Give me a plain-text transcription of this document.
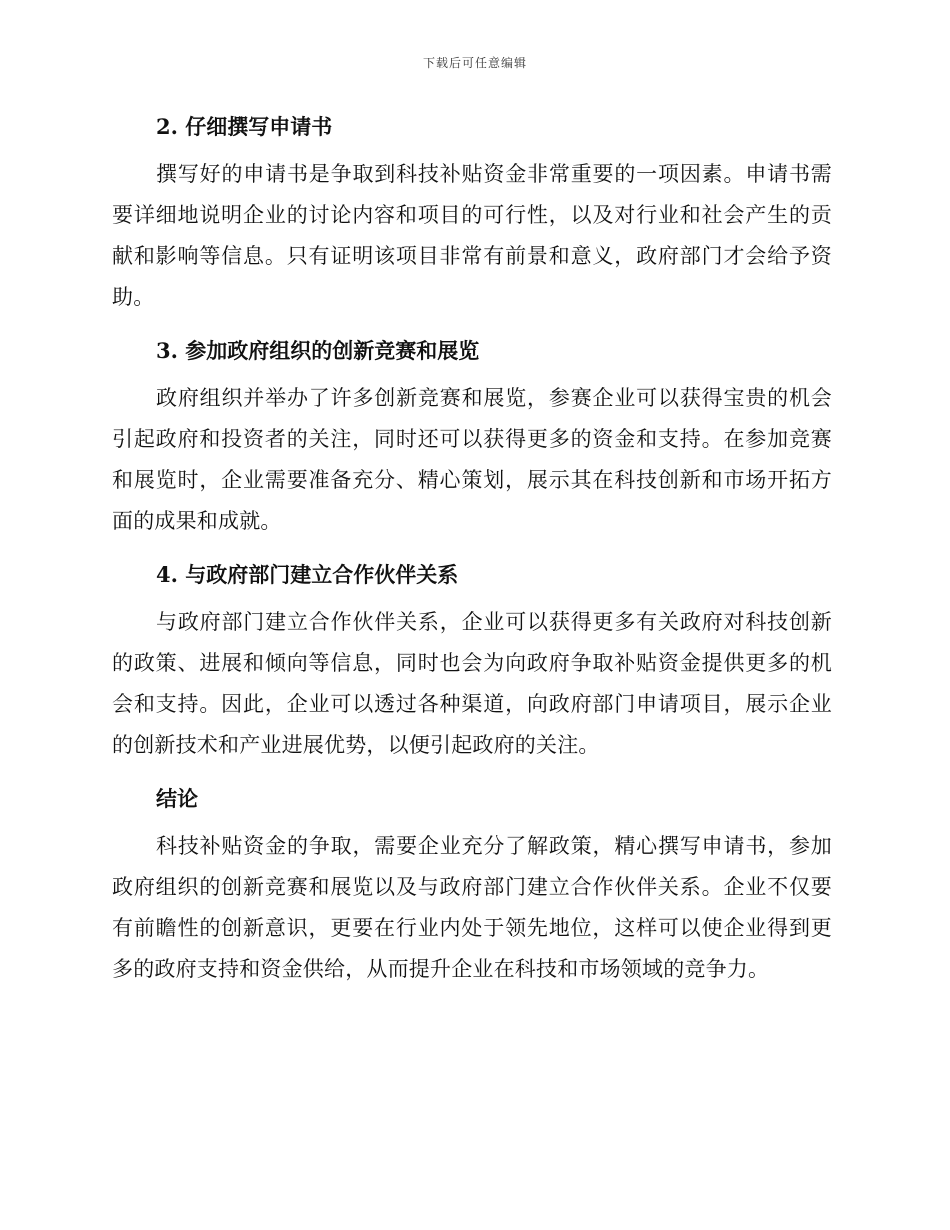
下载后可任意编辑
2. 仔细撰写申请书

撰写好的申请书是争取到科技补贴资金非常重要的一项因素。申请书需要详细地说明企业的讨论内容和项目的可行性，以及对行业和社会产生的贡献和影响等信息。只有证明该项目非常有前景和意义，政府部门才会给予资助。

3. 参加政府组织的创新竞赛和展览

政府组织并举办了许多创新竞赛和展览，参赛企业可以获得宝贵的机会引起政府和投资者的关注，同时还可以获得更多的资金和支持。在参加竞赛和展览时，企业需要准备充分、精心策划，展示其在科技创新和市场开拓方面的成果和成就。

4. 与政府部门建立合作伙伴关系

与政府部门建立合作伙伴关系，企业可以获得更多有关政府对科技创新的政策、进展和倾向等信息，同时也会为向政府争取补贴资金提供更多的机会和支持。因此，企业可以透过各种渠道，向政府部门申请项目，展示企业的创新技术和产业进展优势，以便引起政府的关注。

结论

科技补贴资金的争取，需要企业充分了解政策，精心撰写申请书，参加政府组织的创新竞赛和展览以及与政府部门建立合作伙伴关系。企业不仅要有前瞻性的创新意识，更要在行业内处于领先地位，这样可以使企业得到更多的政府支持和资金供给，从而提升企业在科技和市场领域的竞争力。
